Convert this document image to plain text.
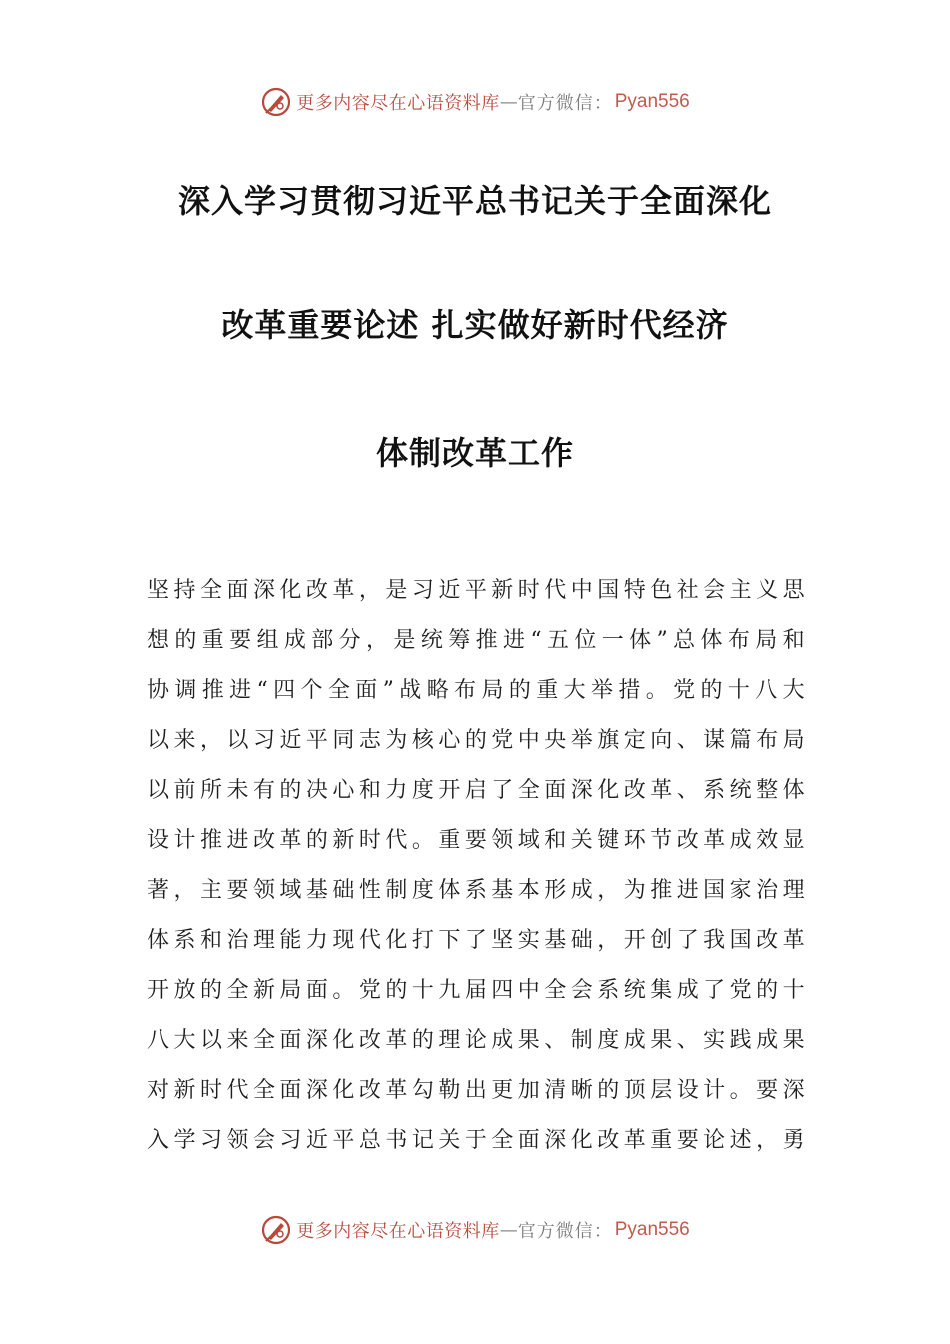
更多内容尽在心语资料库 — 官方微信： Pyan556
深入学习贯彻习近平总书记关于全面深化
改革重要论述 扎实做好新时代经济
体制改革工作

坚持全面深化改革，是习近平新时代中国特色社会主义思
想的重要组成部分，是统筹推进“五位一体”总体布局和
协调推进“四个全面”战略布局的重大举措。党的十八大
以来，以习近平同志为核心的党中央举旗定向、谋篇布局
以前所未有的决心和力度开启了全面深化改革、系统整体
设计推进改革的新时代。重要领域和关键环节改革成效显
著，主要领域基础性制度体系基本形成，为推进国家治理
体系和治理能力现代化打下了坚实基础，开创了我国改革
开放的全新局面。党的十九届四中全会系统集成了党的十
八大以来全面深化改革的理论成果、制度成果、实践成果
对新时代全面深化改革勾勒出更加清晰的顶层设计。要深
入学习领会习近平总书记关于全面深化改革重要论述，勇

更多内容尽在心语资料库 — 官方微信： Pyan556
